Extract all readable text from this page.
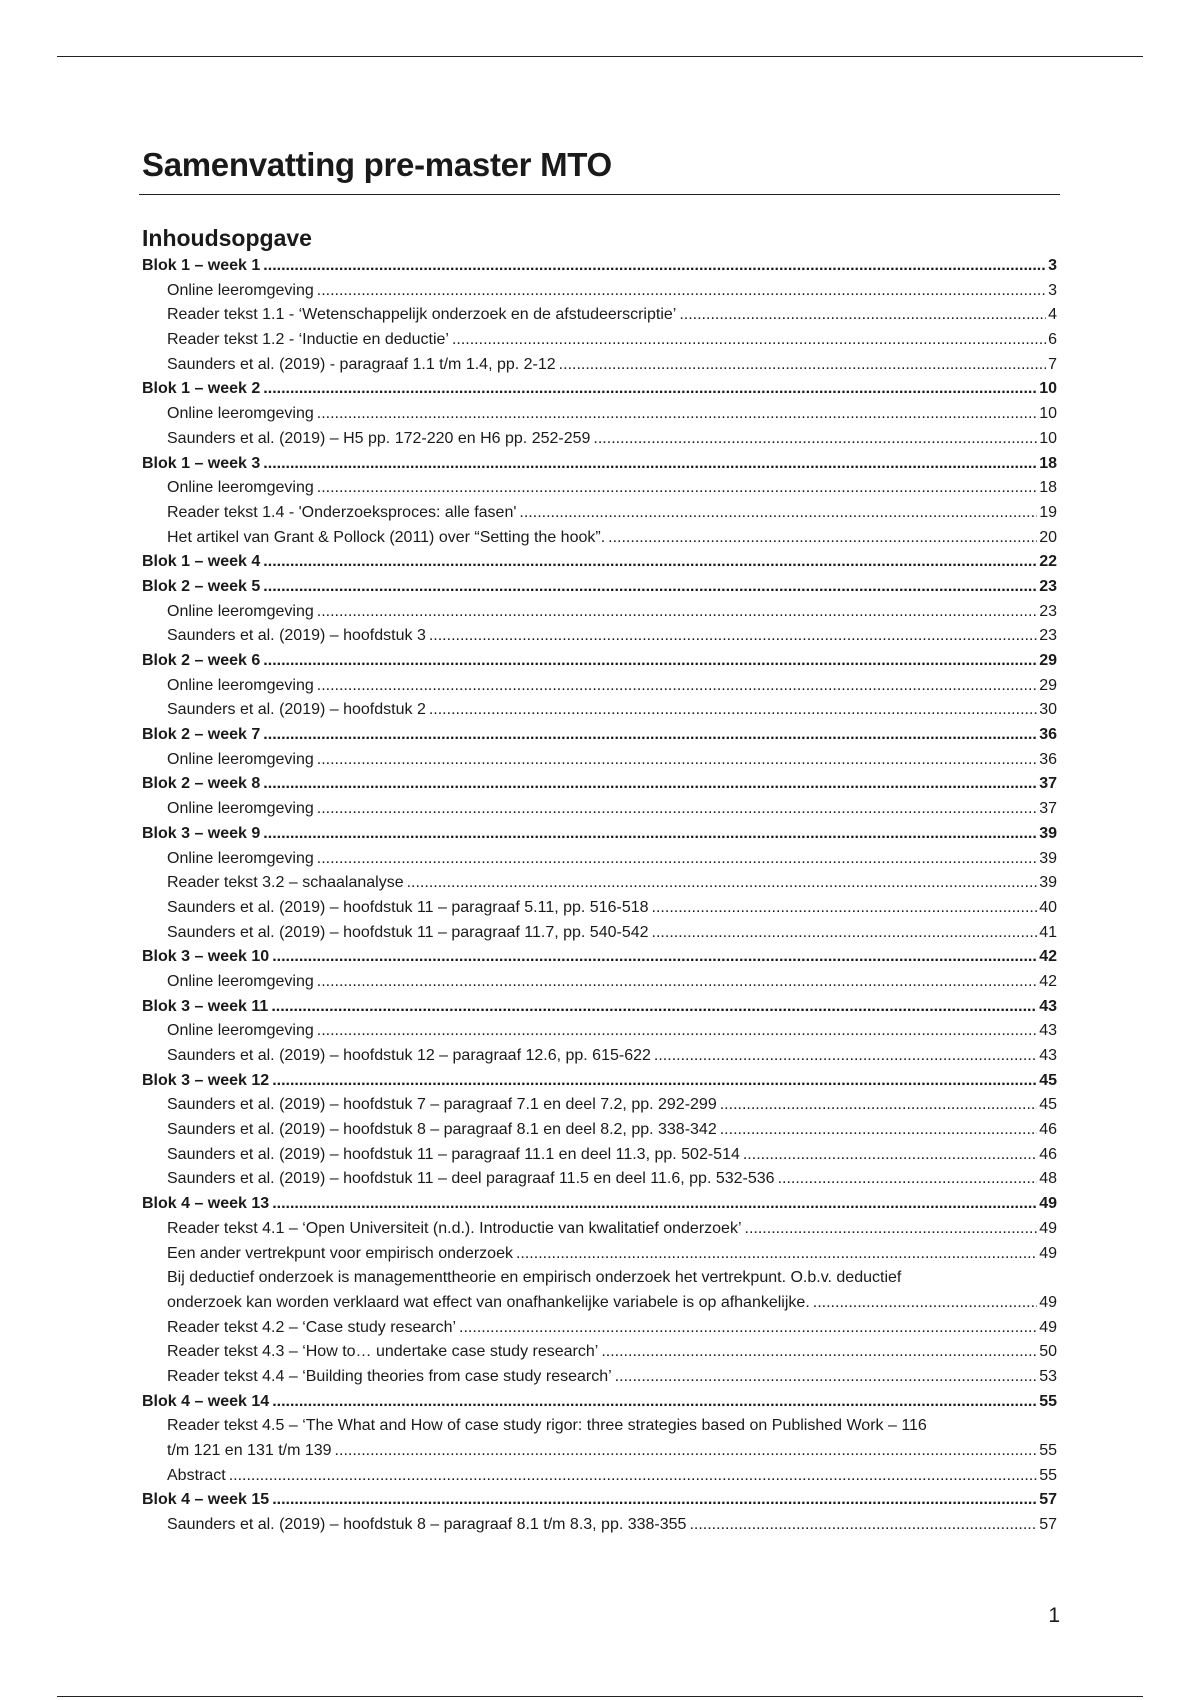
Samenvatting pre-master MTO
Inhoudsopgave
Blok 1 – week 1 .....	3
Online leeromgeving .....	3
Reader tekst 1.1 - ‘Wetenschappelijk onderzoek en de afstudeerscriptie’ .....	4
Reader tekst 1.2 - ‘Inductie en deductie’ .....	6
Saunders et al. (2019) - paragraaf 1.1 t/m 1.4, pp. 2-12 .....	7
Blok 1 – week 2 .....	10
Online leeromgeving .....	10
Saunders et al. (2019) – H5 pp. 172-220 en H6 pp. 252-259 .....	10
Blok 1 – week 3 .....	18
Online leeromgeving .....	18
Reader tekst 1.4 - 'Onderzoeksproces: alle fasen' .....	19
Het artikel van Grant & Pollock (2011) over “Setting the hook”. .....	20
Blok 1 – week 4 .....	22
Blok 2 – week 5 .....	23
Online leeromgeving .....	23
Saunders et al. (2019) – hoofdstuk 3 .....	23
Blok 2 – week 6 .....	29
Online leeromgeving .....	29
Saunders et al. (2019) – hoofdstuk 2 .....	30
Blok 2 – week 7 .....	36
Online leeromgeving .....	36
Blok 2 – week 8 .....	37
Online leeromgeving .....	37
Blok 3 – week 9 .....	39
Online leeromgeving .....	39
Reader tekst 3.2 – schaalanalyse .....	39
Saunders et al. (2019) – hoofdstuk 11 – paragraaf 5.11, pp. 516-518 .....	40
Saunders et al. (2019) – hoofdstuk 11 – paragraaf 11.7, pp. 540-542 .....	41
Blok 3 – week 10 .....	42
Online leeromgeving .....	42
Blok 3 – week 11 .....	43
Online leeromgeving .....	43
Saunders et al. (2019) – hoofdstuk 12 – paragraaf 12.6, pp. 615-622 .....	43
Blok 3 – week 12 .....	45
Saunders et al. (2019) – hoofdstuk 7 – paragraaf 7.1 en deel 7.2, pp. 292-299 .....	45
Saunders et al. (2019) – hoofdstuk 8 – paragraaf 8.1 en deel 8.2, pp. 338-342 .....	46
Saunders et al. (2019) – hoofdstuk 11 – paragraaf 11.1 en deel 11.3, pp. 502-514 .....	46
Saunders et al. (2019) – hoofdstuk 11 – deel paragraaf 11.5 en deel 11.6, pp. 532-536 .....	48
Blok 4 – week 13 .....	49
Reader tekst 4.1 – ‘Open Universiteit (n.d.). Introductie van kwalitatief onderzoek’ .....	49
Een ander vertrekpunt voor empirisch onderzoek .....	49
Bij deductief onderzoek is managementtheorie en empirisch onderzoek het vertrekpunt. O.b.v. deductief
onderzoek kan worden verklaard wat effect van onafhankelijke variabele is op afhankelijke. .....	49
Reader tekst 4.2 – ‘Case study research’ .....	49
Reader tekst 4.3 – ‘How to… undertake case study research’ .....	50
Reader tekst 4.4 – ‘Building theories from case study research’ .....	53
Blok 4 – week 14 .....	55
Reader tekst 4.5 – ‘The What and How of case study rigor: three strategies based on Published Work – 116
t/m 121 en 131 t/m 139 .....	55
Abstract .....	55
Blok 4 – week 15 .....	57
Saunders et al. (2019) – hoofdstuk 8 – paragraaf 8.1 t/m 8.3, pp. 338-355 .....	57
1
